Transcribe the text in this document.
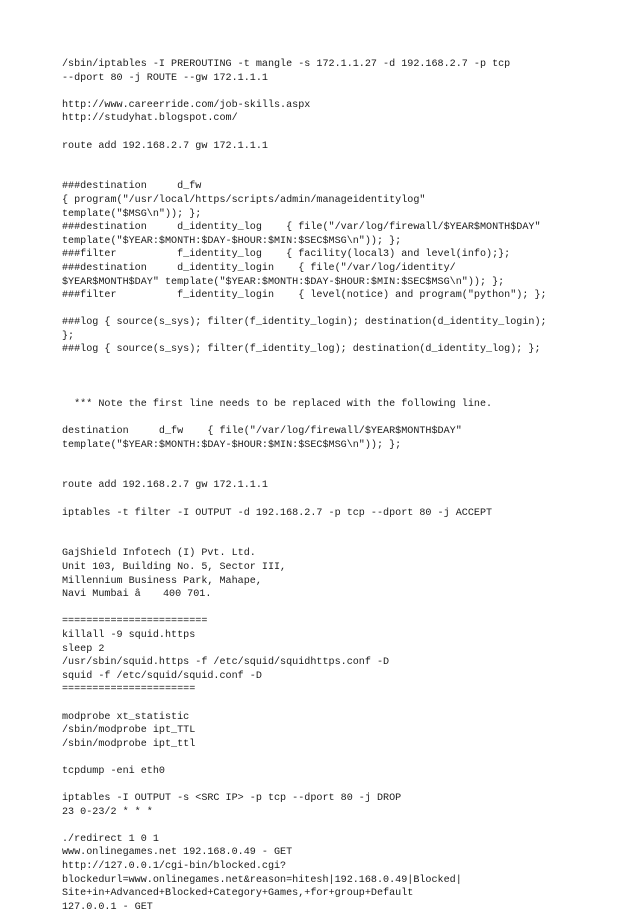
/sbin/iptables -I PREROUTING -t mangle -s 172.1.1.27 -d 192.168.2.7 -p tcp
--dport 80 -j ROUTE --gw 172.1.1.1
http://www.careerride.com/job-skills.aspx
http://studyhat.blogspot.com/
route add 192.168.2.7 gw 172.1.1.1
###destination     d_fw
{ program("/usr/local/https/scripts/admin/manageidentitylog"
template("$MSG\n")); };
###destination     d_identity_log    { file("/var/log/firewall/$YEAR$MONTH$DAY"
template("$YEAR:$MONTH:$DAY-$HOUR:$MIN:$SEC$MSG\n")); };
###filter          f_identity_log    { facility(local3) and level(info);};
###destination     d_identity_login    { file("/var/log/identity/
$YEAR$MONTH$DAY" template("$YEAR:$MONTH:$DAY-$HOUR:$MIN:$SEC$MSG\n")); };
###filter          f_identity_login    { level(notice) and program("python"); };
###log { source(s_sys); filter(f_identity_login); destination(d_identity_login);
};
###log { source(s_sys); filter(f_identity_log); destination(d_identity_log); };
*** Note the first line needs to be replaced with the following line.
destination     d_fw    { file("/var/log/firewall/$YEAR$MONTH$DAY"
template("$YEAR:$MONTH:$DAY-$HOUR:$MIN:$SEC$MSG\n")); };
route add 192.168.2.7 gw 172.1.1.1
iptables -t filter -I OUTPUT -d 192.168.2.7 -p tcp --dport 80 -j ACCEPT
GajShield Infotech (I) Pvt. Ltd.
Unit 103, Building No. 5, Sector III,
Millennium Business Park, Mahape,
Navi Mumbai â 400 701.
========================
killall -9 squid.https
sleep 2
/usr/sbin/squid.https -f /etc/squid/squidhttps.conf -D
squid -f /etc/squid/squid.conf -D
======================
modprobe xt_statistic
/sbin/modprobe ipt_TTL
/sbin/modprobe ipt_ttl
tcpdump -eni eth0
iptables -I OUTPUT -s <SRC IP> -p tcp --dport 80 -j DROP
23 0-23/2 * * *
./redirect 1 0 1
www.onlinegames.net 192.168.0.49 - GET
http://127.0.0.1/cgi-bin/blocked.cgi?
blockedurl=www.onlinegames.net&reason=hitesh|192.168.0.49|Blocked|
Site+in+Advanced+Blocked+Category+Games,+for+group+Default
127.0.0.1 - GET
